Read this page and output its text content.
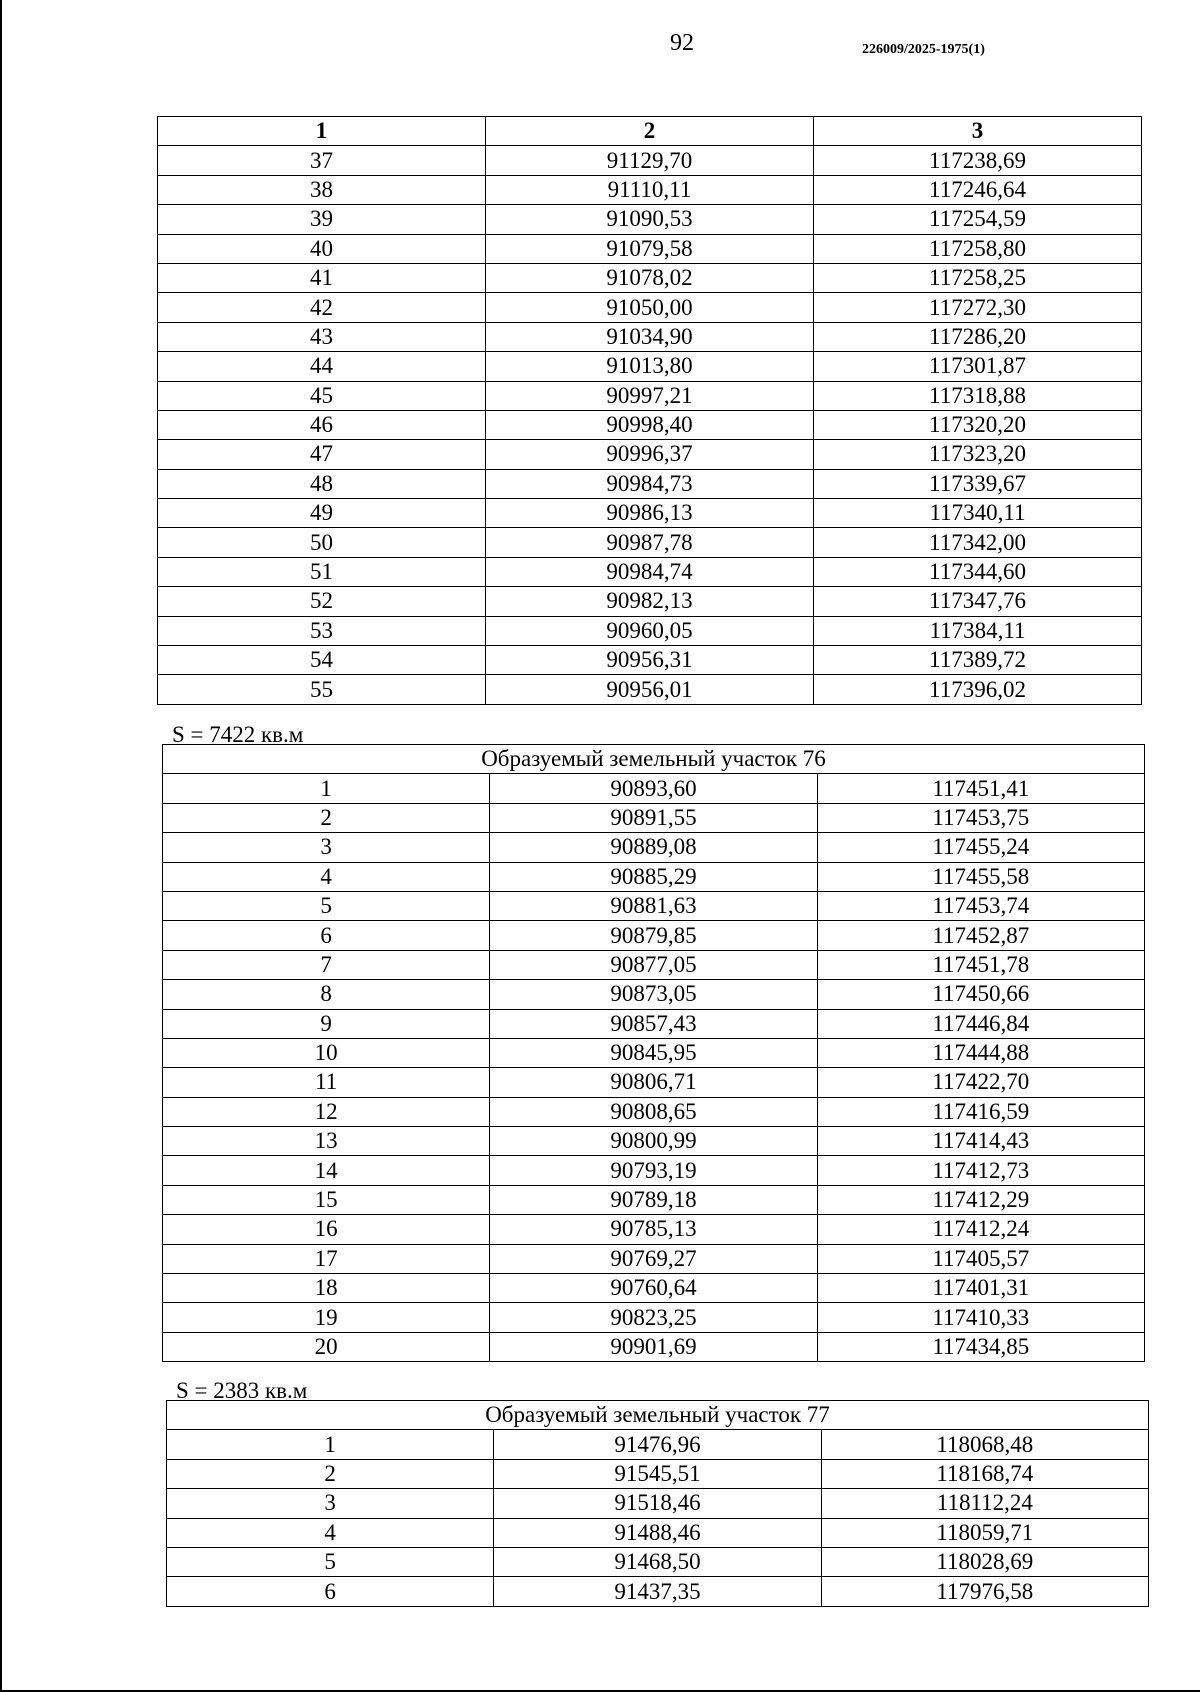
92	226009/2025-1975(1)
1	2	3
37	91129,70	117238,69
38	91110,11	117246,64
39	91090,53	117254,59
40	91079,58	117258,80
41	91078,02	117258,25
42	91050,00	117272,30
43	91034,90	117286,20
44	91013,80	117301,87
45	90997,21	117318,88
46	90998,40	117320,20
47	90996,37	117323,20
48	90984,73	117339,67
49	90986,13	117340,11
50	90987,78	117342,00
51	90984,74	117344,60
52	90982,13	117347,76
53	90960,05	117384,11
54	90956,31	117389,72
55	90956,01	117396,02
S = 7422 кв.м
Образуемый земельный участок 76		
1	90893,60	117451,41
2	90891,55	117453,75
3	90889,08	117455,24
4	90885,29	117455,58
5	90881,63	117453,74
6	90879,85	117452,87
7	90877,05	117451,78
8	90873,05	117450,66
9	90857,43	117446,84
10	90845,95	117444,88
11	90806,71	117422,70
12	90808,65	117416,59
13	90800,99	117414,43
14	90793,19	117412,73
15	90789,18	117412,29
16	90785,13	117412,24
17	90769,27	117405,57
18	90760,64	117401,31
19	90823,25	117410,33
20	90901,69	117434,85
S = 2383 кв.м
Образуемый земельный участок 77		
1	91476,96	118068,48
2	91545,51	118168,74
3	91518,46	118112,24
4	91488,46	118059,71
5	91468,50	118028,69
6	91437,35	117976,58
